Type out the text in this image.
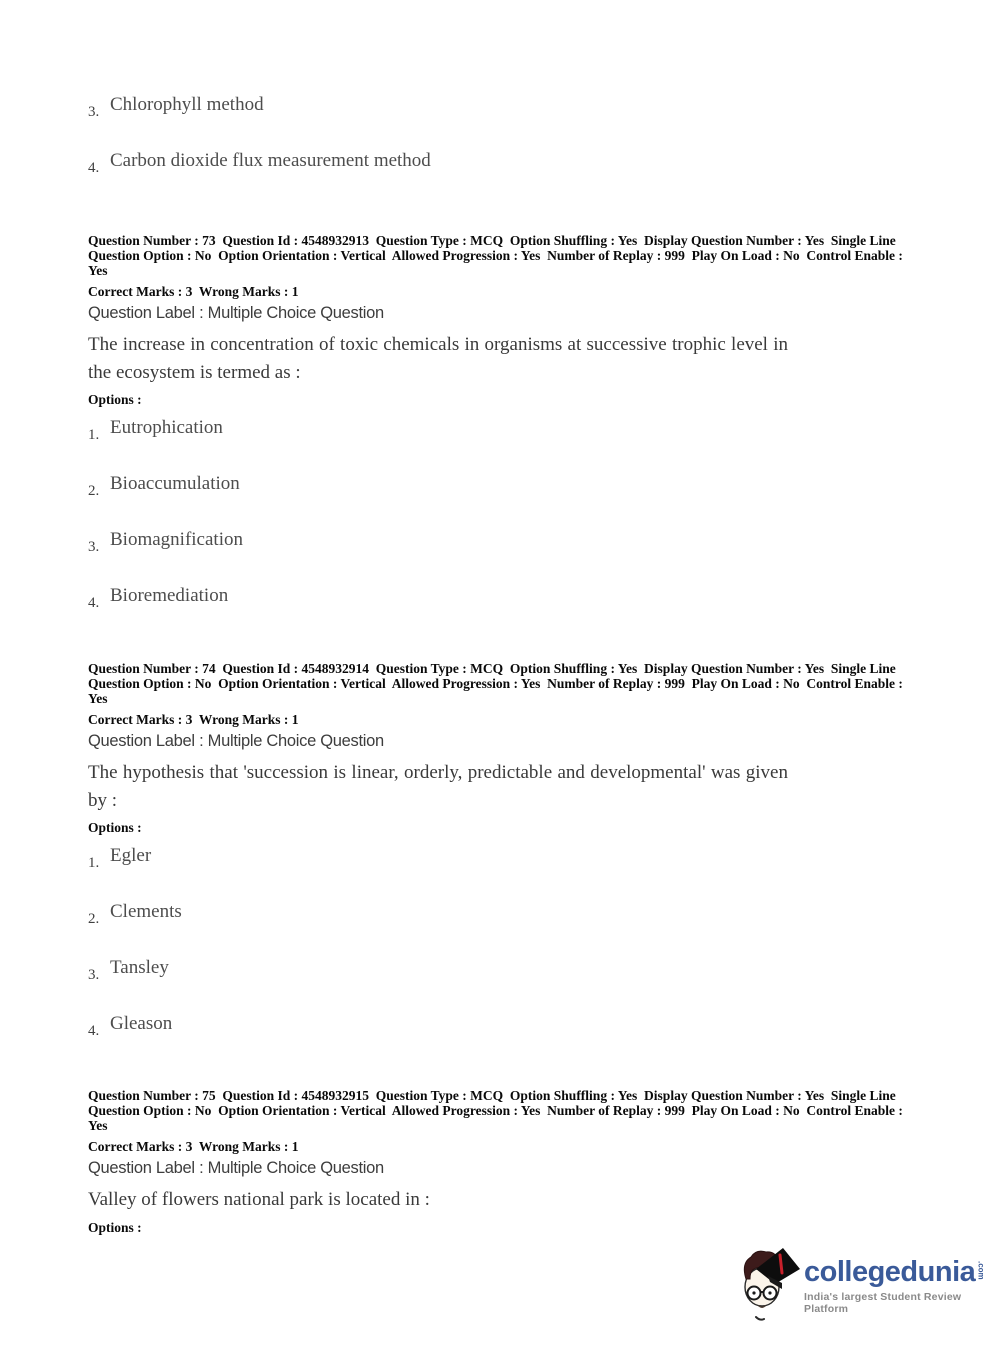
3. Chlorophyll method
4. Carbon dioxide flux measurement method

Question Number : 73  Question Id : 4548932913  Question Type : MCQ  Option Shuffling : Yes  Display Question Number : Yes  Single Line Question Option : No  Option Orientation : Vertical  Allowed Progression : Yes  Number of Replay : 999  Play On Load : No  Control Enable : Yes

Correct Marks : 3  Wrong Marks : 1

Question Label : Multiple Choice Question

The increase in concentration of toxic chemicals in organisms at successive trophic level in the ecosystem is termed as :

Options :

1. Eutrophication
2. Bioaccumulation
3. Biomagnification
4. Bioremediation

Question Number : 74  Question Id : 4548932914  Question Type : MCQ  Option Shuffling : Yes  Display Question Number : Yes  Single Line Question Option : No  Option Orientation : Vertical  Allowed Progression : Yes  Number of Replay : 999  Play On Load : No  Control Enable : Yes

Correct Marks : 3  Wrong Marks : 1

Question Label : Multiple Choice Question

The hypothesis that 'succession is linear, orderly, predictable and developmental' was given by :

Options :

1. Egler
2. Clements
3. Tansley
4. Gleason

Question Number : 75  Question Id : 4548932915  Question Type : MCQ  Option Shuffling : Yes  Display Question Number : Yes  Single Line Question Option : No  Option Orientation : Vertical  Allowed Progression : Yes  Number of Replay : 999  Play On Load : No  Control Enable : Yes

Correct Marks : 3  Wrong Marks : 1

Question Label : Multiple Choice Question

Valley of flowers national park is located in :

Options :

collegedunia .com
India's largest Student Review Platform
